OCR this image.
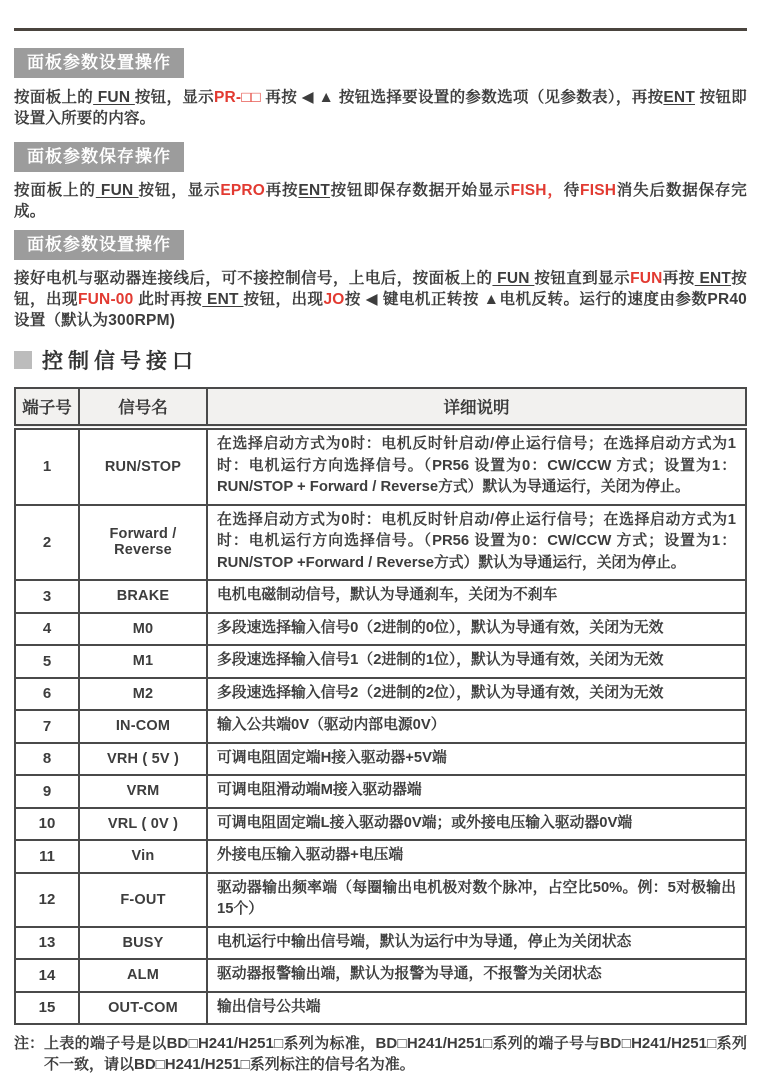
面板参数设置操作

按面板上的 FUN 按钮，显示PR-□□ 再按 ◀ ▲ 按钮选择要设置的参数选项（见参数表），再按ENT 按钮即设置入所要的内容。

面板参数保存操作

按面板上的 FUN 按钮，显示EPRO再按ENT按钮即保存数据开始显示FISH，待FISH消失后数据保存完成。

面板参数设置操作

接好电机与驱动器连接线后，可不接控制信号，上电后，按面板上的 FUN 按钮直到显示FUN再按 ENT按钮，出现FUN-00 此时再按 ENT 按钮，出现JO按 ◀ 键电机正转按 ▲电机反转。运行的速度由参数PR40设置（默认为300RPM)

控制信号接口
端子号	信号名	详细说明
1	RUN/STOP	在选择启动方式为0时：电机反时针启动/停止运行信号；在选择启动方式为1时：电机运行方向选择信号。（PR56 设置为0：CW/CCW 方式；设置为1：RUN/STOP + Forward / Reverse方式）默认为导通运行，关闭为停止。
2	Forward / Reverse	在选择启动方式为0时：电机反时针启动/停止运行信号；在选择启动方式为1时：电机运行方向选择信号。（PR56 设置为0：CW/CCW 方式；设置为1：RUN/STOP +Forward / Reverse方式）默认为导通运行，关闭为停止。
3	BRAKE	电机电磁制动信号，默认为导通刹车，关闭为不刹车
4	M0	多段速选择输入信号0（2进制的0位），默认为导通有效，关闭为无效
5	M1	多段速选择输入信号1（2进制的1位），默认为导通有效，关闭为无效
6	M2	多段速选择输入信号2（2进制的2位），默认为导通有效，关闭为无效
7	IN-COM	输入公共端0V（驱动内部电源0V）
8	VRH ( 5V )	可调电阻固定端H接入驱动器+5V端
9	VRM	可调电阻滑动端M接入驱动器端
10	VRL ( 0V )	可调电阻固定端L接入驱动器0V端；或外接电压输入驱动器0V端
11	Vin	外接电压输入驱动器+电压端
12	F-OUT	驱动器输出频率端（每圈输出电机极对数个脉冲，占空比50%。例：5对极输出15个）
13	BUSY	电机运行中输出信号端，默认为运行中为导通，停止为关闭状态
14	ALM	驱动器报警输出端，默认为报警为导通，不报警为关闭状态
15	OUT-COM	输出信号公共端
注： 上表的端子号是以BD□H241/H251□系列为标准，BD□H241/H251□系列的端子号与BD□H241/H251□系列不一致，请以BD□H241/H251□系列标注的信号名为准。
